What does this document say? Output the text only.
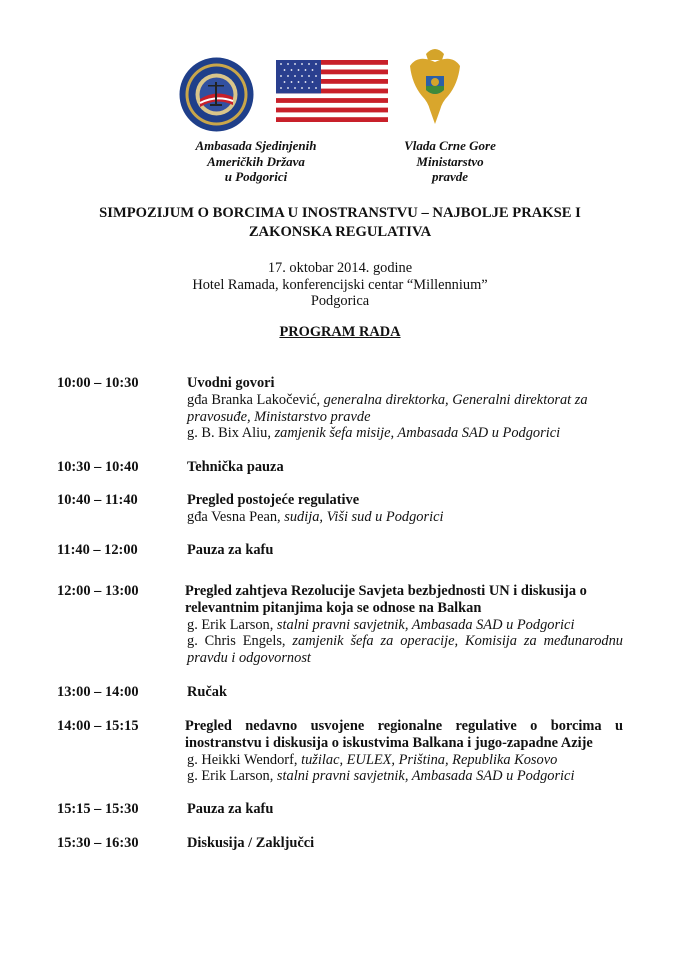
Ambasada Sjedinjenih Američkih Država
u Podgorici
Vlada Crne Gore
Ministarstvo
pravde
SIMPOZIJUM O BORCIMA U INOSTRANSTVU – NAJBOLJE PRAKSE I
ZAKONSKA REGULATIVA
17. oktobar 2014. godine
Hotel Ramada, konferencijski centar “Millennium”
Podgorica
PROGRAM RADA
10:00 – 10:30	Uvodni govori
gđa Branka Lakočević, generalna direktorka, Generalni direktorat za pravosuđe, Ministarstvo pravde
g. B. Bix Aliu, zamjenik šefa misije, Ambasada SAD u Podgorici
10:30 – 10:40	Tehnička pauza
10:40 – 11:40	Pregled postojeće regulative
gđa Vesna Pean, sudija, Viši sud u Podgorici
11:40 – 12:00	Pauza za kafu
12:00 – 13:00	Pregled zahtjeva Rezolucije Savjeta bezbjednosti UN i diskusija o relevantnim pitanjima koja se odnose na Balkan
g. Erik Larson, stalni pravni savjetnik, Ambasada SAD u Podgorici
g. Chris Engels, zamjenik šefa za operacije, Komisija za međunarodnu pravdu i odgovornost
13:00 – 14:00	Ručak
14:00 – 15:15	Pregled nedavno usvojene regionalne regulative o borcima u inostranstvu i diskusija o iskustvima Balkana i jugo-zapadne Azije
g. Heikki Wendorf, tužilac, EULEX, Priština, Republika Kosovo
g. Erik Larson, stalni pravni savjetnik, Ambasada SAD u Podgorici
15:15 – 15:30	Pauza za kafu
15:30 – 16:30	Diskusija / Zaključci
